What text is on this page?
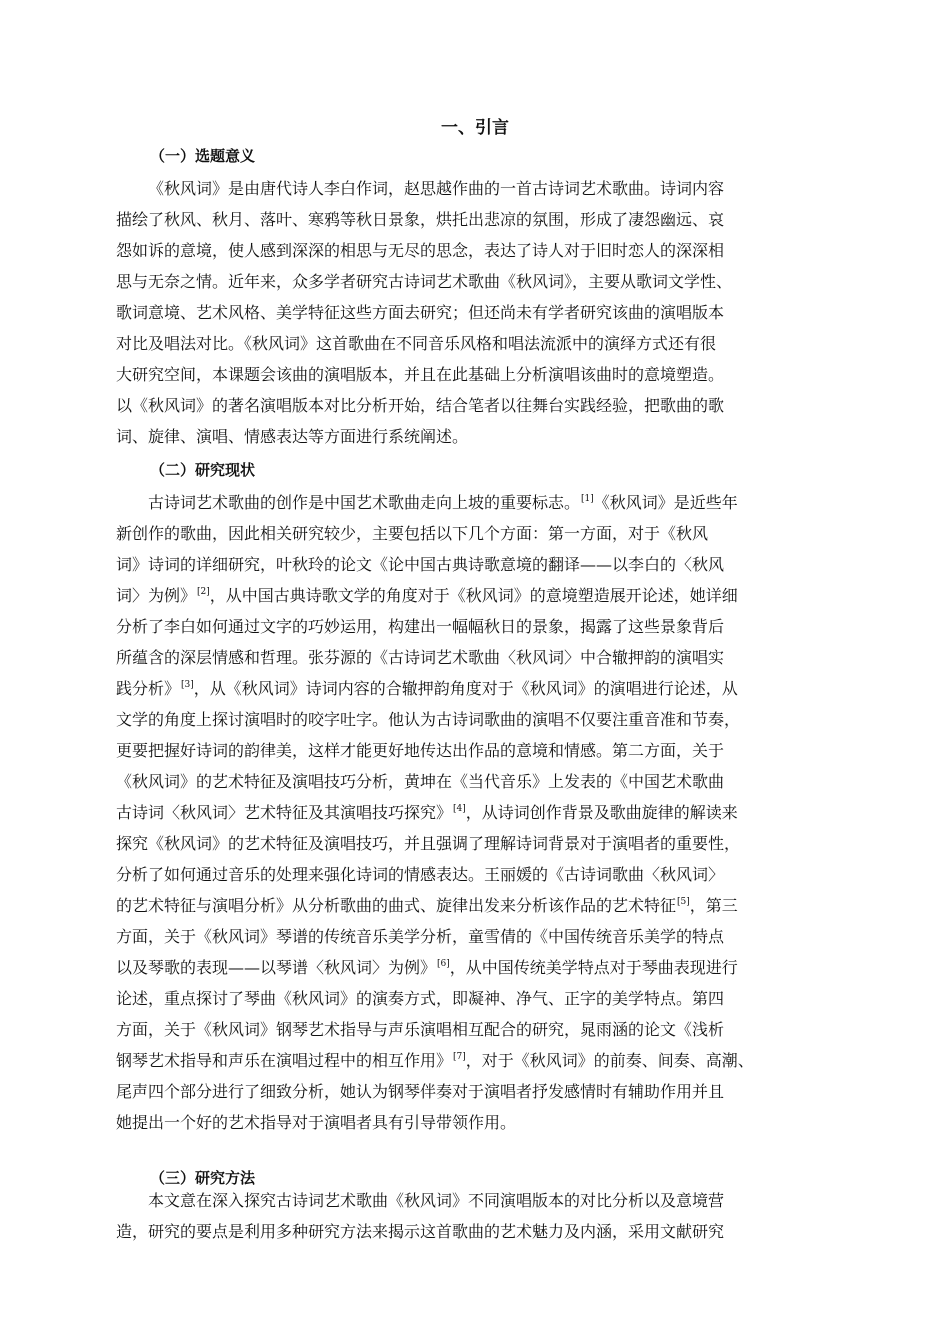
一、引言
（一）选题意义
《秋风词》是由唐代诗人李白作词，赵思越作曲的一首古诗词艺术歌曲。诗词内容
描绘了秋风、秋月、落叶、寒鸦等秋日景象，烘托出悲凉的氛围，形成了凄怨幽远、哀
怨如诉的意境，使人感到深深的相思与无尽的思念，表达了诗人对于旧时恋人的深深相
思与无奈之情。近年来，众多学者研究古诗词艺术歌曲《秋风词》，主要从歌词文学性、
歌词意境、艺术风格、美学特征这些方面去研究；但还尚未有学者研究该曲的演唱版本
对比及唱法对比。《秋风词》这首歌曲在不同音乐风格和唱法流派中的演绎方式还有很
大研究空间，本课题会该曲的演唱版本，并且在此基础上分析演唱该曲时的意境塑造。
以《秋风词》的著名演唱版本对比分析开始，结合笔者以往舞台实践经验，把歌曲的歌
词、旋律、演唱、情感表达等方面进行系统阐述。
（二）研究现状
古诗词艺术歌曲的创作是中国艺术歌曲走向上坡的重要标志。[1]《秋风词》是近些年
新创作的歌曲，因此相关研究较少，主要包括以下几个方面：第一方面，对于《秋风
词》诗词的详细研究，叶秋玲的论文《论中国古典诗歌意境的翻译——以李白的〈秋风
词〉为例》[2]，从中国古典诗歌文学的角度对于《秋风词》的意境塑造展开论述，她详细
分析了李白如何通过文字的巧妙运用，构建出一幅幅秋日的景象，揭露了这些景象背后
所蕴含的深层情感和哲理。张芬源的《古诗词艺术歌曲〈秋风词〉中合辙押韵的演唱实
践分析》[3]，从《秋风词》诗词内容的合辙押韵角度对于《秋风词》的演唱进行论述，从
文学的角度上探讨演唱时的咬字吐字。他认为古诗词歌曲的演唱不仅要注重音准和节奏，
更要把握好诗词的韵律美，这样才能更好地传达出作品的意境和情感。第二方面，关于
《秋风词》的艺术特征及演唱技巧分析，黄坤在《当代音乐》上发表的《中国艺术歌曲
古诗词〈秋风词〉艺术特征及其演唱技巧探究》[4]，从诗词创作背景及歌曲旋律的解读来
探究《秋风词》的艺术特征及演唱技巧，并且强调了理解诗词背景对于演唱者的重要性，
分析了如何通过音乐的处理来强化诗词的情感表达。王丽媛的《古诗词歌曲〈秋风词〉
的艺术特征与演唱分析》从分析歌曲的曲式、旋律出发来分析该作品的艺术特征[5]，第三
方面，关于《秋风词》琴谱的传统音乐美学分析，童雪倩的《中国传统音乐美学的特点
以及琴歌的表现——以琴谱〈秋风词〉为例》[6]，从中国传统美学特点对于琴曲表现进行
论述，重点探讨了琴曲《秋风词》的演奏方式，即凝神、净气、正字的美学特点。第四
方面，关于《秋风词》钢琴艺术指导与声乐演唱相互配合的研究，晁雨涵的论文《浅析
钢琴艺术指导和声乐在演唱过程中的相互作用》[7]，对于《秋风词》的前奏、间奏、高潮、
尾声四个部分进行了细致分析，她认为钢琴伴奏对于演唱者抒发感情时有辅助作用并且
她提出一个好的艺术指导对于演唱者具有引导带领作用。
（三）研究方法
本文意在深入探究古诗词艺术歌曲《秋风词》不同演唱版本的对比分析以及意境营
造，研究的要点是利用多种研究方法来揭示这首歌曲的艺术魅力及内涵，采用文献研究
